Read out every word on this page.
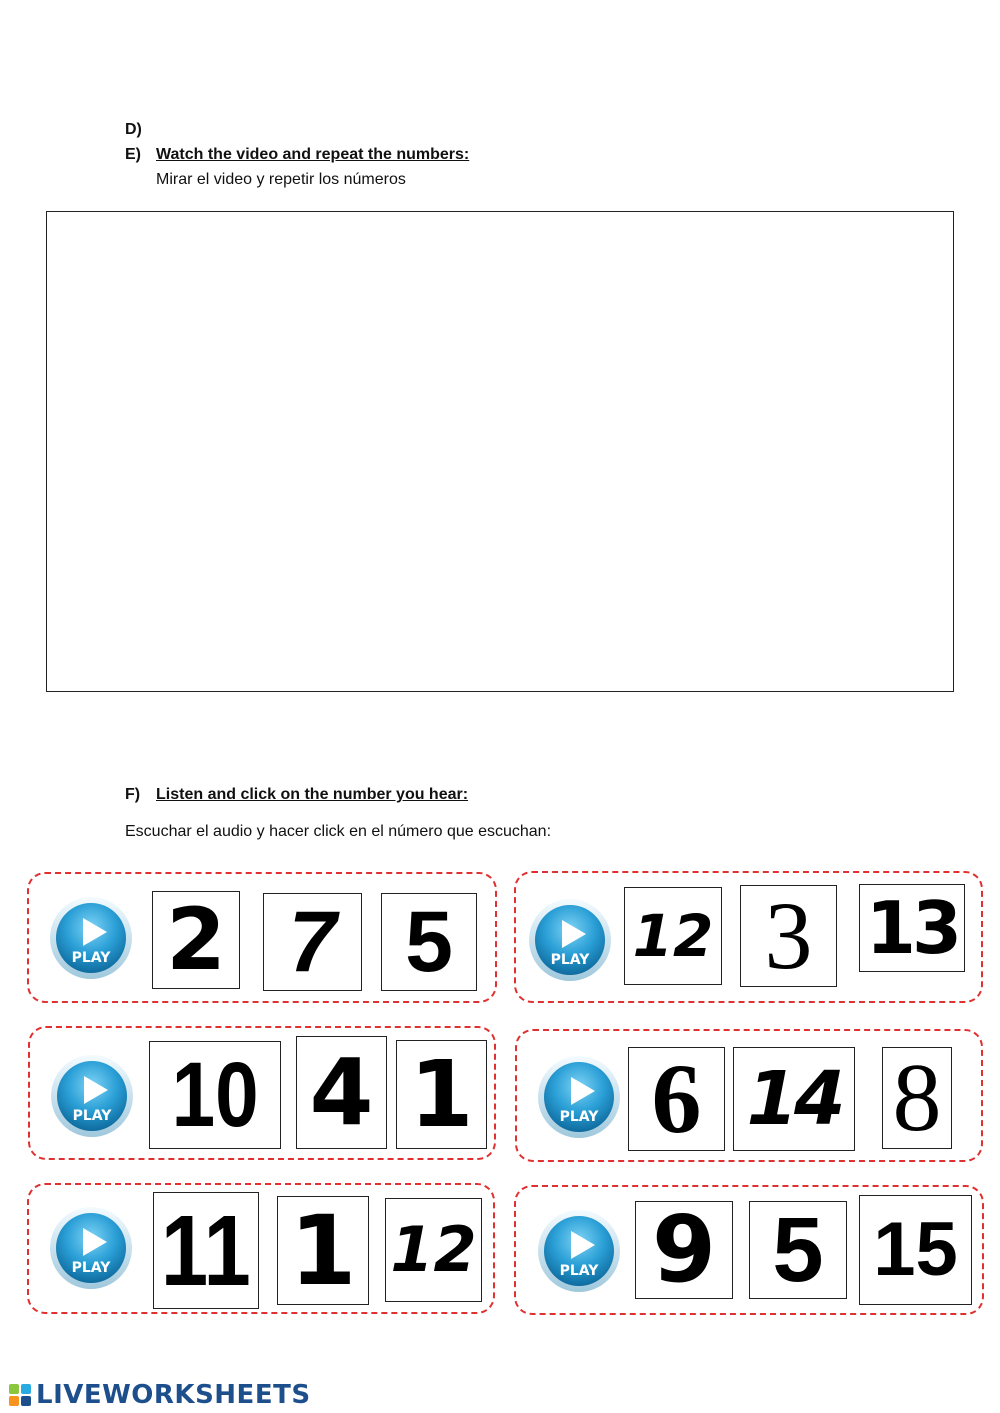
D)
E) Watch the video and repeat the numbers:
Mirar el video y repetir los números
F) Listen and click on the number you hear:
Escuchar el audio y hacer click en el número que escuchan:
PLAY 2 7 5	PLAY 12 3 13
PLAY 10 4 1	PLAY 6 14 8
PLAY 11 1 12	PLAY 9 5 15
LIVEWORKSHEETS
